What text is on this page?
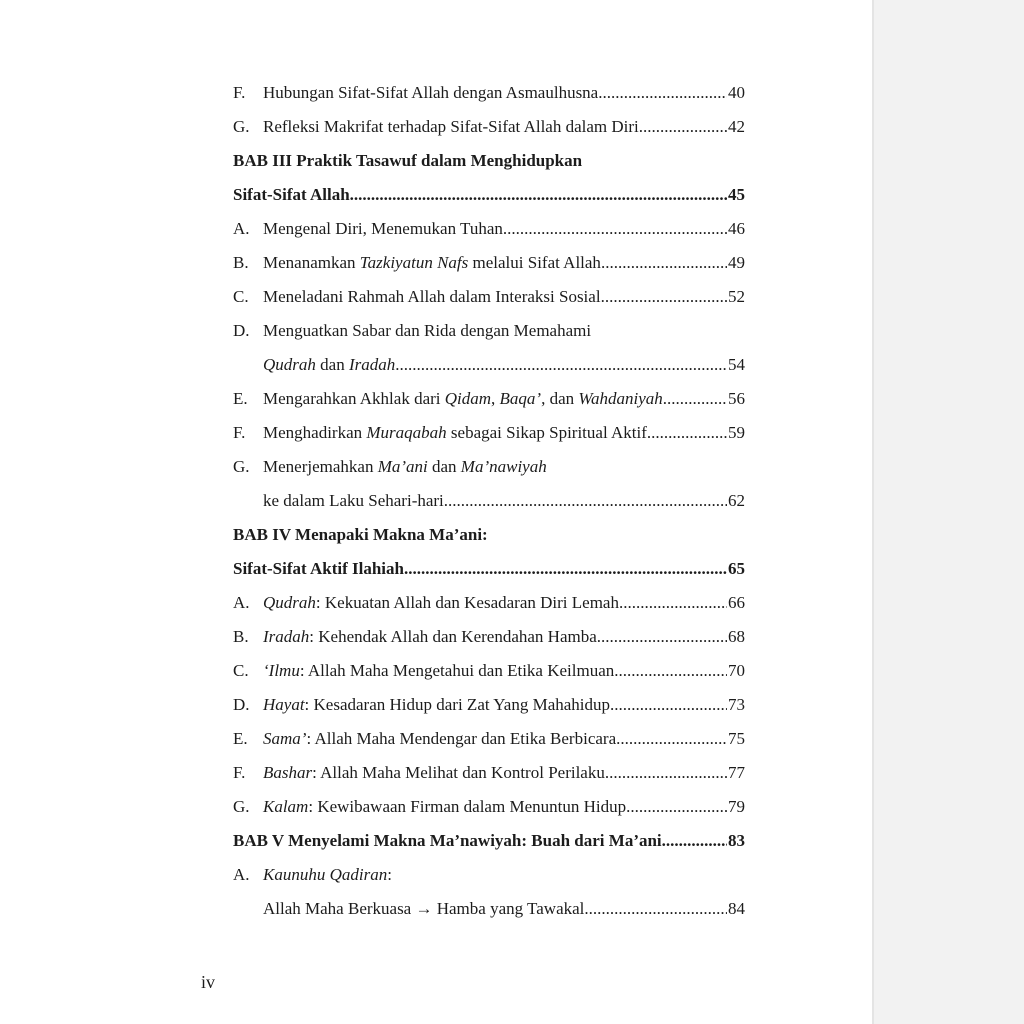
F. Hubungan Sifat-Sifat Allah dengan Asmaulhusna .....	40
G. Refleksi Makrifat terhadap Sifat-Sifat Allah dalam Diri .....	42
BAB III Praktik Tasawuf dalam Menghidupkan
Sifat-Sifat Allah .....	45
A. Mengenal Diri, Menemukan Tuhan .....	46
B. Menanamkan Tazkiyatun Nafs melalui Sifat Allah .....	49
C. Meneladani Rahmah Allah dalam Interaksi Sosial .....	52
D. Menguatkan Sabar dan Rida dengan Memahami
Qudrah dan Iradah .....	54
E. Mengarahkan Akhlak dari Qidam, Baqa’, dan Wahdaniyah .....	56
F. Menghadirkan Muraqabah sebagai Sikap Spiritual Aktif .....	59
G. Menerjemahkan Ma’ani dan Ma’nawiyah
ke dalam Laku Sehari-hari .....	62
BAB IV Menapaki Makna Ma’ani:
Sifat-Sifat Aktif Ilahiah .....	65
A. Qudrah: Kekuatan Allah dan Kesadaran Diri Lemah .....	66
B. Iradah: Kehendak Allah dan Kerendahan Hamba .....	68
C. ‘Ilmu: Allah Maha Mengetahui dan Etika Keilmuan .....	70
D. Hayat: Kesadaran Hidup dari Zat Yang Mahahidup .....	73
E. Sama’: Allah Maha Mendengar dan Etika Berbicara .....	75
F. Bashar: Allah Maha Melihat dan Kontrol Perilaku .....	77
G. Kalam: Kewibawaan Firman dalam Menuntun Hidup .....	79
BAB V Menyelami Makna Ma’nawiyah: Buah dari Ma’ani .....	83
A. Kaunuhu Qadiran:
Allah Maha Berkuasa → Hamba yang Tawakal .....	84
iv
